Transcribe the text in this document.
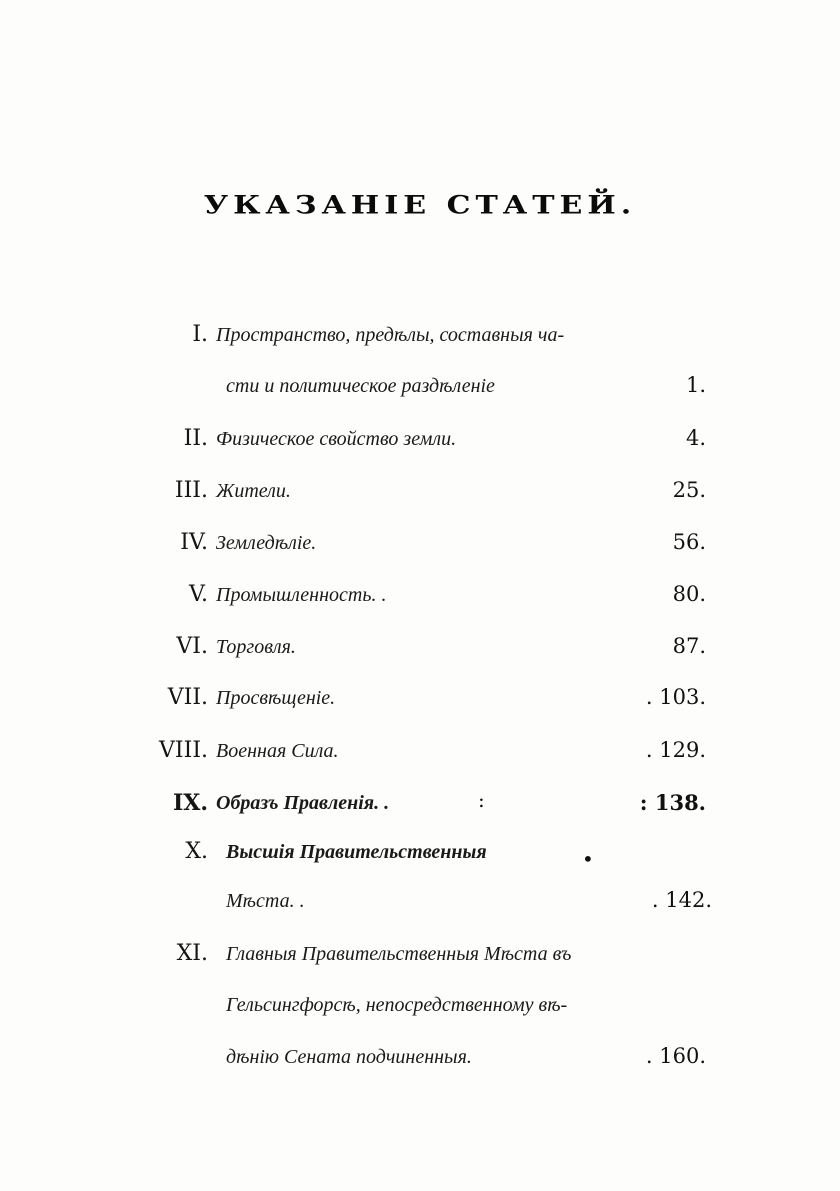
УКАЗАНІЕ СТАТЕЙ.
I. Пространство, предѣлы, составныя ча-
сти и политическое раздѣленіе	1.
II. Физическое свойство земли.	4.
III. Жители.	25.
IV. Земледѣліе.	56.
V. Промышленность. .	80.
VI. Торговля.	87.
VII. Просвѣщеніе.	. 103.
VIII. Военная Сила.	. 129.
IX. Образъ Правленія. .	:	: 138.
X. Высшія Правительственныя	•
Мѣста. .	. 142.
XI. Главныя Правительственныя Мѣста въ
Гельсингфорсѣ, непосредственному вѣ-
дѣнію Сената подчиненныя.	. 160.
